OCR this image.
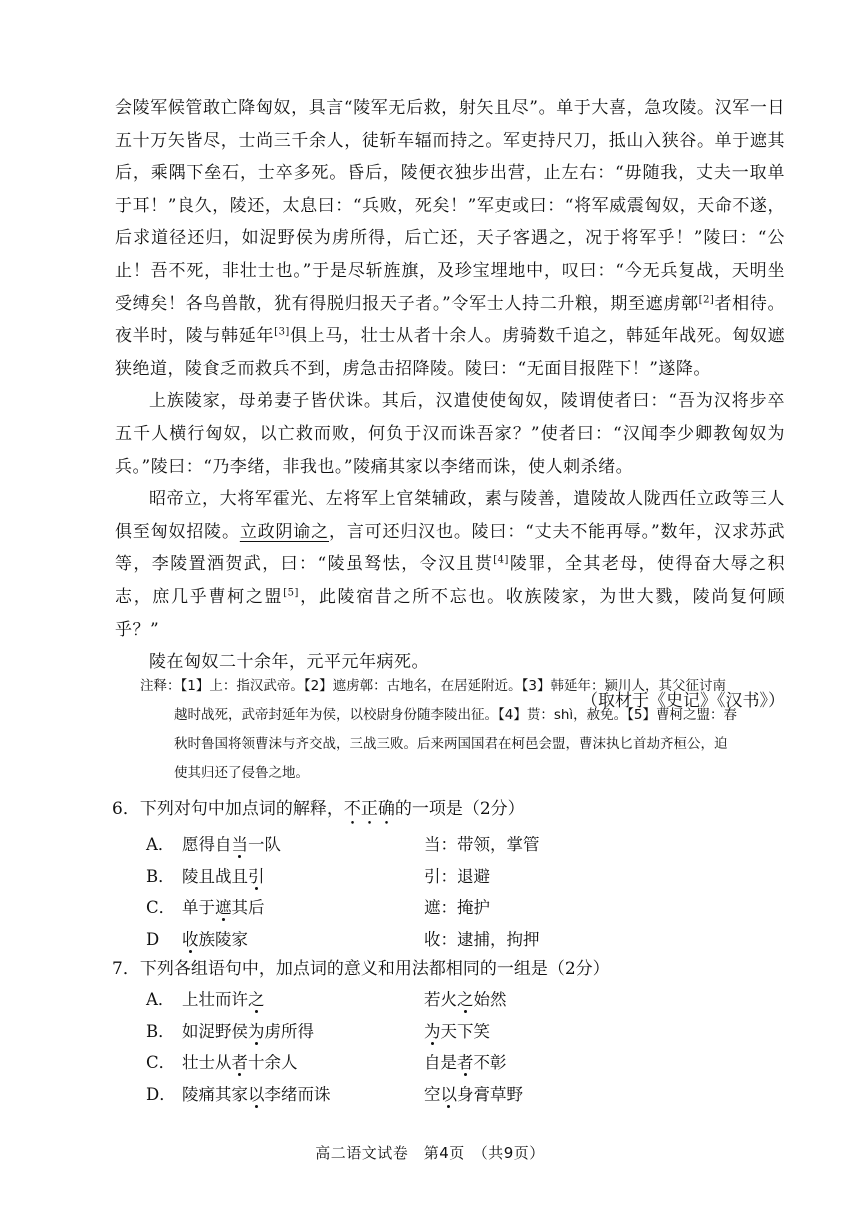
会陵军候管敢亡降匈奴，具言“陵军无后救，射矢且尽”。单于大喜，急攻陵。汉军一日五十万矢皆尽，士尚三千余人，徒斩车辐而持之。军吏持尺刀，抵山入狭谷。单于遮其后，乘隅下垒石，士卒多死。昏后，陵便衣独步出营，止左右：“毋随我，丈夫一取单于耳！”良久，陵还，太息曰：“兵败，死矣！”军吏或曰：“将军威震匈奴，天命不遂，后求道径还归，如浞野侯为虏所得，后亡还，天子客遇之，况于将军乎！”陵曰：“公止！吾不死，非壮士也。”于是尽斩旌旗，及珍宝埋地中，叹曰：“今无兵复战，天明坐受缚矣！各鸟兽散，犹有得脱归报天子者。”令军士人持二升粮，期至遮虏鄣[2]者相待。夜半时，陵与韩延年[3]俱上马，壮士从者十余人。虏骑数千追之，韩延年战死。匈奴遮狭绝道，陵食乏而救兵不到，虏急击招降陵。陵曰：“无面目报陛下！”遂降。

上族陵家，母弟妻子皆伏诛。其后，汉遣使使匈奴，陵谓使者曰：“吾为汉将步卒五千人横行匈奴，以亡救而败，何负于汉而诛吾家？”使者曰：“汉闻李少卿教匈奴为兵。”陵曰：“乃李绪，非我也。”陵痛其家以李绪而诛，使人刺杀绪。

昭帝立，大将军霍光、左将军上官桀辅政，素与陵善，遣陵故人陇西任立政等三人俱至匈奴招陵。立政阴谕之，言可还归汉也。陵曰：“丈夫不能再辱。”数年，汉求苏武等，李陵置酒贺武，曰：“陵虽驽怯，令汉且贳[4]陵罪，全其老母，使得奋大辱之积志，庶几乎曹柯之盟[5]，此陵宿昔之所不忘也。收族陵家，为世大戮，陵尚复何顾乎？”

陵在匈奴二十余年，元平元年病死。

（取材于《史记》《汉书》）

注释：【1】上：指汉武帝。【2】遮虏鄣：古地名，在居延附近。【3】韩延年：颍川人，其父征讨南

越时战死，武帝封延年为侯，以校尉身份随李陵出征。【4】贳：shì，赦免。【5】曹柯之盟：春

秋时鲁国将领曹沫与齐交战，三战三败。后来两国国君在柯邑会盟，曹沫执匕首劫齐桓公，迫

使其归还了侵鲁之地。

6．下列对句中加点词的解释，不正确的一项是（2分）

A． 愿得自当一队	当：带领，掌管
B． 陵且战且引	引：退避
C． 单于遮其后	遮：掩护
D	收族陵家	收：逮捕，拘押

7．下列各组语句中，加点词的意义和用法都相同的一组是（2分）

A． 上壮而许之	若火之始然
B． 如浞野侯为虏所得	为天下笑
C． 壮士从者十余人	自是者不彰
D． 陵痛其家以李绪而诛	空以身膏草野
高二语文试卷　第4页　（共9页）
